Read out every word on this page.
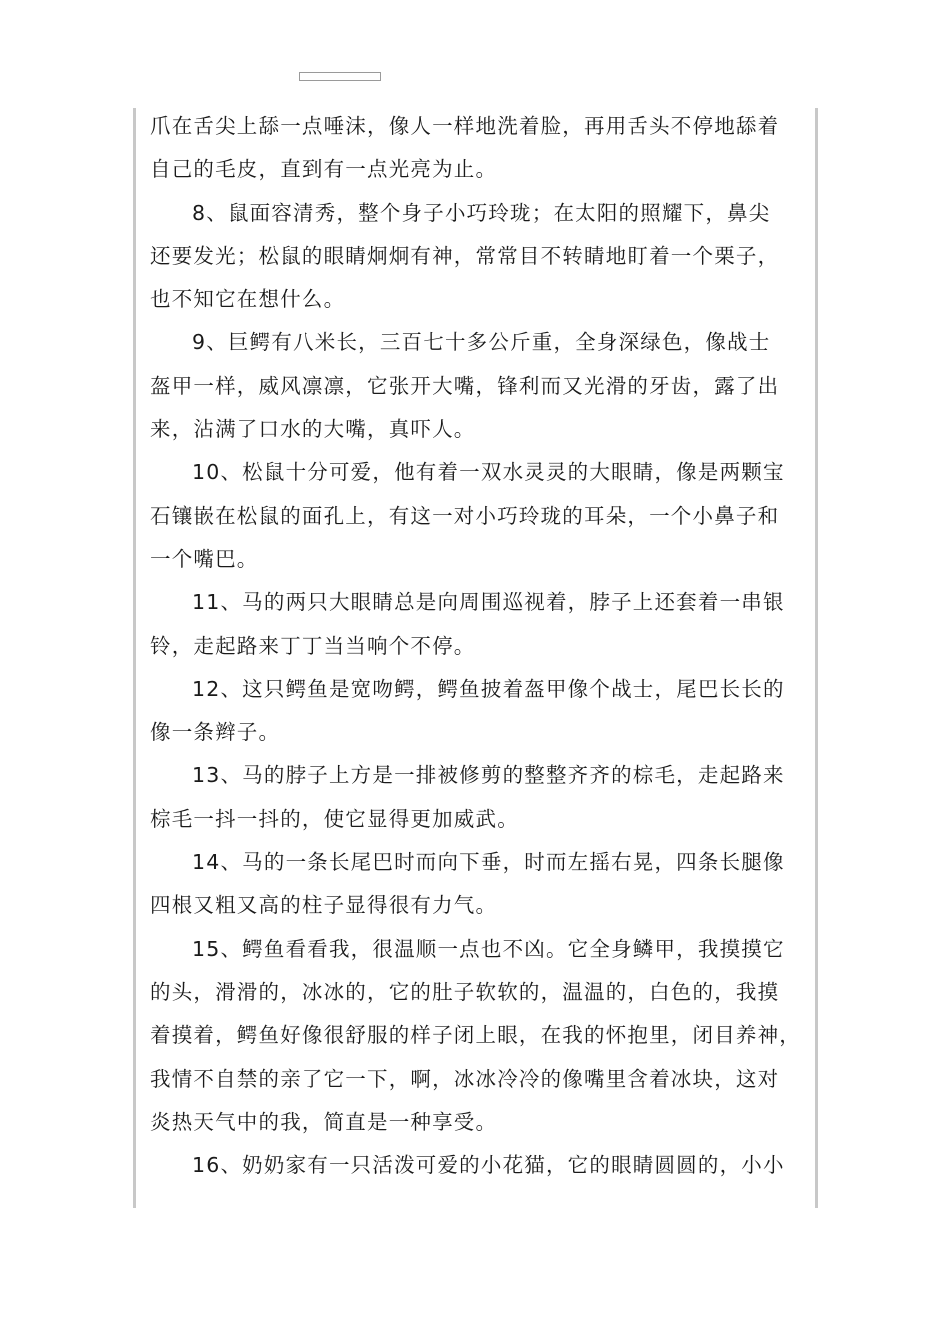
爪在舌尖上舔一点唾沫，像人一样地洗着脸，再用舌头不停地舔着
自己的毛皮，直到有一点光亮为止。
8、鼠面容清秀，整个身子小巧玲珑；在太阳的照耀下，鼻尖
还要发光；松鼠的眼睛炯炯有神，常常目不转睛地盯着一个栗子，
也不知它在想什么。
9、巨鳄有八米长，三百七十多公斤重，全身深绿色，像战士
盔甲一样，威风凛凛，它张开大嘴，锋利而又光滑的牙齿，露了出
来，沾满了口水的大嘴，真吓人。
10、松鼠十分可爱，他有着一双水灵灵的大眼睛，像是两颗宝
石镶嵌在松鼠的面孔上，有这一对小巧玲珑的耳朵，一个小鼻子和
一个嘴巴。
11、马的两只大眼睛总是向周围巡视着，脖子上还套着一串银
铃，走起路来丁丁当当响个不停。
12、这只鳄鱼是宽吻鳄，鳄鱼披着盔甲像个战士，尾巴长长的
像一条辫子。
13、马的脖子上方是一排被修剪的整整齐齐的棕毛，走起路来
棕毛一抖一抖的，使它显得更加威武。
14、马的一条长尾巴时而向下垂，时而左摇右晃，四条长腿像
四根又粗又高的柱子显得很有力气。
15、鳄鱼看看我，很温顺一点也不凶。它全身鳞甲，我摸摸它
的头，滑滑的，冰冰的，它的肚子软软的，温温的，白色的，我摸
着摸着，鳄鱼好像很舒服的样子闭上眼，在我的怀抱里，闭目养神，
我情不自禁的亲了它一下，啊，冰冰冷冷的像嘴里含着冰块，这对
炎热天气中的我，简直是一种享受。
16、奶奶家有一只活泼可爱的小花猫，它的眼睛圆圆的，小小
